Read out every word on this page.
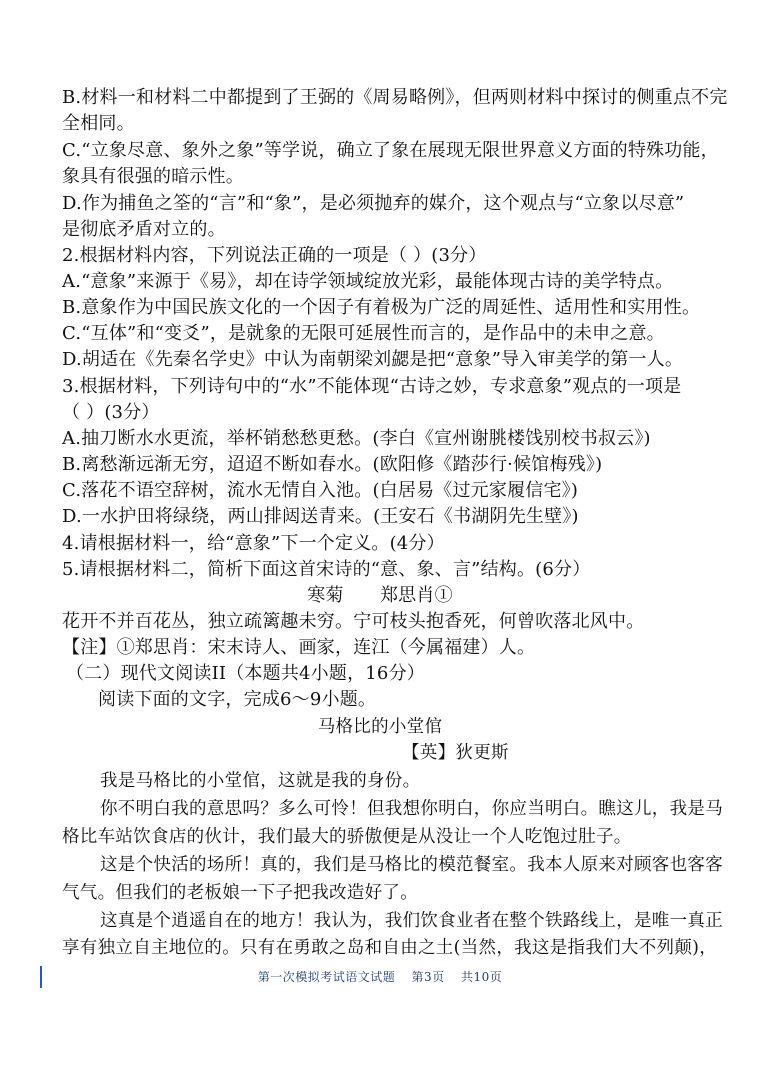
B.材料一和材料二中都提到了王弼的《周易略例》，但两则材料中探讨的侧重点不完

全相同。

C.“立象尽意、象外之象”等学说，确立了象在展现无限世界意义方面的特殊功能，

象具有很强的暗示性。

D.作为捕鱼之筌的“言”和“象”，是必须抛弃的媒介，这个观点与“立象以尽意”

是彻底矛盾对立的。

2.根据材料内容，下列说法正确的一项是（ ）(3分）

A.“意象”来源于《易》，却在诗学领域绽放光彩，最能体现古诗的美学特点。

B.意象作为中国民族文化的一个因子有着极为广泛的周延性、适用性和实用性。

C.“互体”和“变爻”，是就象的无限可延展性而言的，是作品中的未申之意。

D.胡适在《先秦名学史》中认为南朝梁刘勰是把“意象”导入审美学的第一人。

3.根据材料，下列诗句中的“水”不能体现“古诗之妙，专求意象”观点的一项是

（ ）(3分）

A.抽刀断水水更流，举杯销愁愁更愁。(李白《宣州谢朓楼饯别校书叔云》)

B.离愁渐远渐无穷，迢迢不断如春水。(欧阳修《踏莎行·候馆梅残》)

C.落花不语空辞树，流水无情自入池。(白居易《过元家履信宅》)

D.一水护田将绿绕，两山排闼送青来。(王安石《书湖阴先生壁》)

4.请根据材料一，给“意象”下一个定义。(4分）

5.请根据材料二，简析下面这首宋诗的“意、象、言”结构。(6分）

寒菊　　郑思肖①

花开不并百花丛，独立疏篱趣未穷。宁可枝头抱香死，何曾吹落北风中。

【注】①郑思肖：宋末诗人、画家，连江（今属福建）人。

（二）现代文阅读II（本题共4小题，16分）

阅读下面的文字，完成6～9小题。

马格比的小堂倌

【英】狄更斯

我是马格比的小堂倌，这就是我的身份。

你不明白我的意思吗？多么可怜！但我想你明白，你应当明白。瞧这儿，我是马

格比车站饮食店的伙计，我们最大的骄傲便是从没让一个人吃饱过肚子。

这是个快活的场所！真的，我们是马格比的模范餐室。我本人原来对顾客也客客

气气。但我们的老板娘一下子把我改造好了。

这真是个逍遥自在的地方！我认为，我们饮食业者在整个铁路线上，是唯一真正

享有独立自主地位的。只有在勇敢之岛和自由之土(当然，我这是指我们大不列颠)，

第一次模拟考试语文试题 第3页 共10页
